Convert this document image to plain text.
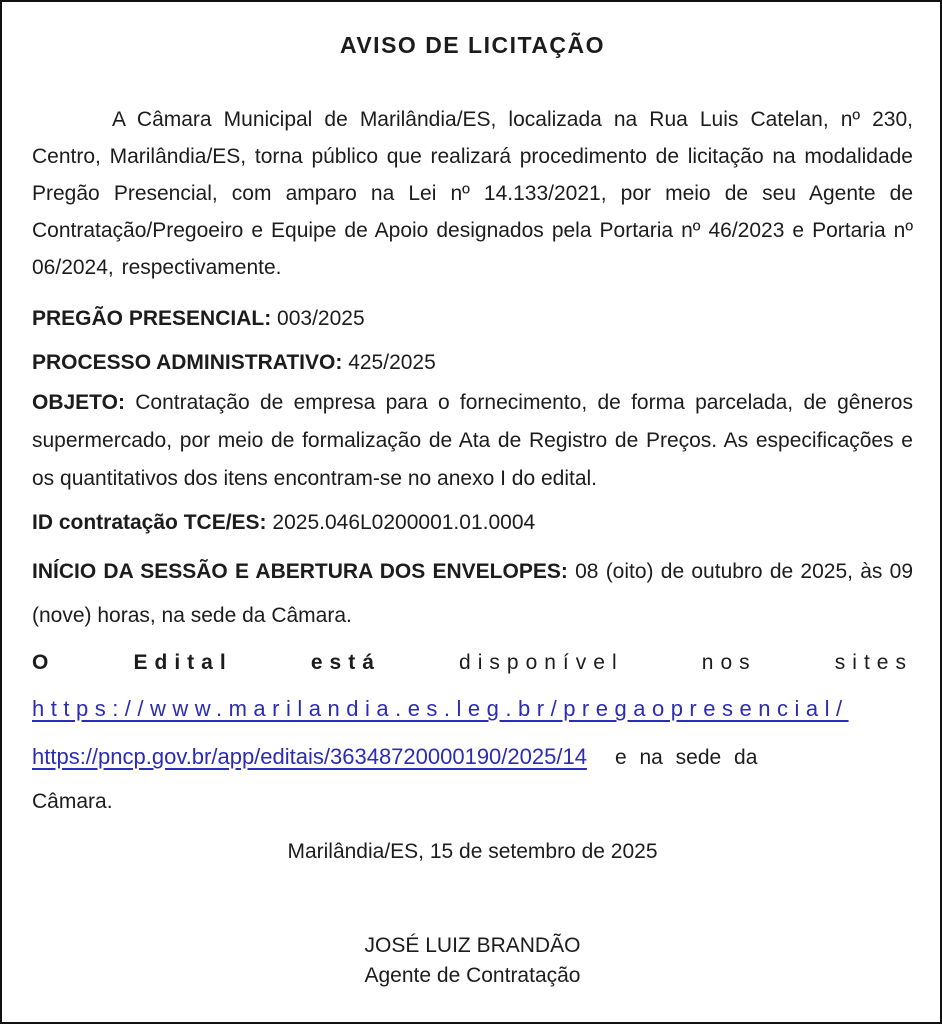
AVISO DE LICITAÇÃO

A Câmara Municipal de Marilândia/ES, localizada na Rua Luis Catelan, nº 230, Centro, Marilândia/ES, torna público que realizará procedimento de licitação na modalidade Pregão Presencial, com amparo na Lei nº 14.133/2021, por meio de seu Agente de Contratação/Pregoeiro e Equipe de Apoio designados pela Portaria nº 46/2023 e Portaria nº 06/2024, respectivamente.

PREGÃO PRESENCIAL: 003/2025

PROCESSO ADMINISTRATIVO: 425/2025

OBJETO: Contratação de empresa para o fornecimento, de forma parcelada, de gêneros supermercado, por meio de formalização de Ata de Registro de Preços. As especificações e os quantitativos dos itens encontram-se no anexo I do edital.

ID contratação TCE/ES: 2025.046L0200001.01.0004

INÍCIO DA SESSÃO E ABERTURA DOS ENVELOPES: 08 (oito) de outubro de 2025, às 09 (nove) horas, na sede da Câmara.

O Edital está	disponível nos sites

https://www.marilandia.es.leg.br/pregaopresencial/

https://pncp.gov.br/app/editais/36348720000190/2025/14 e na sede da

Câmara.

Marilândia/ES, 15 de setembro de 2025

JOSÉ LUIZ BRANDÃO

Agente de Contratação
